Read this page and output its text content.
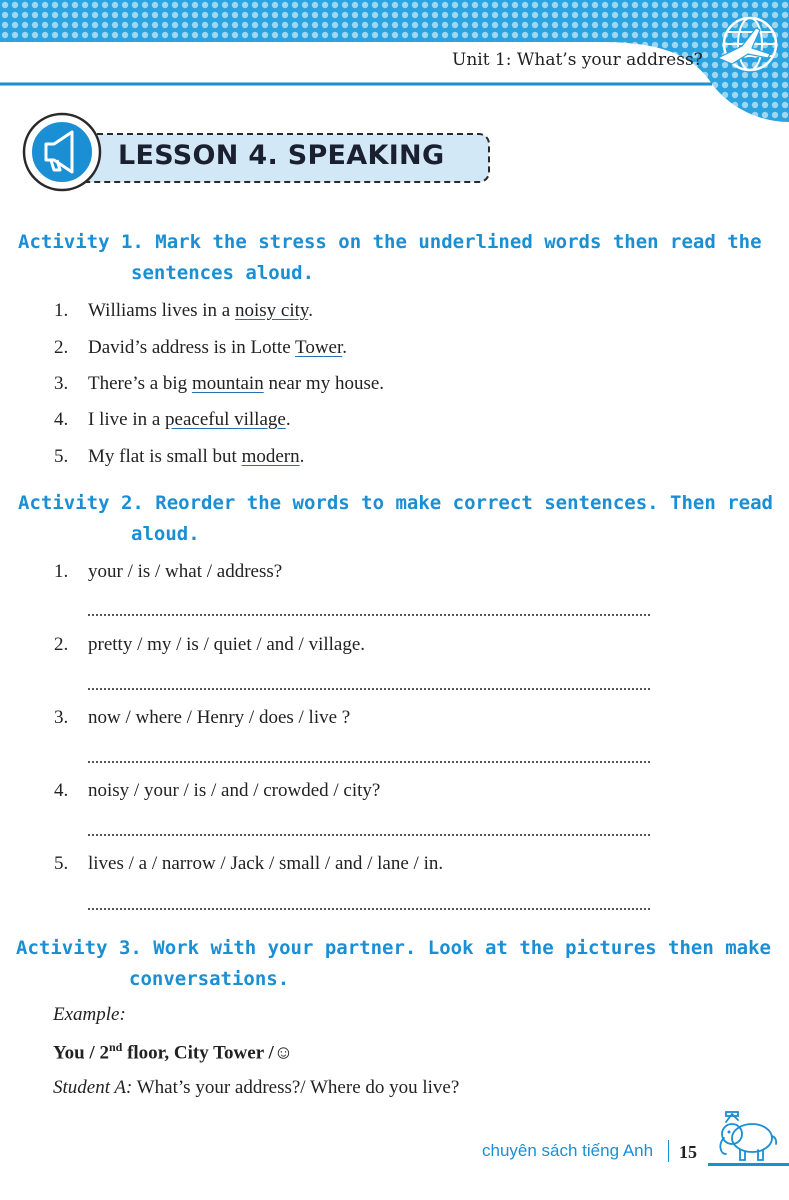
Unit 1: What’s your address?
LESSON 4. SPEAKING
Activity 1. Mark the stress on the underlined words then read the
sentences aloud.
1.	Williams lives in a noisy city.
2.	David’s address is in Lotte Tower.
3.	There’s a big mountain near my house.
4.	I live in a peaceful village.
5.	My flat is small but modern.
Activity 2. Reorder the words to make correct sentences. Then read
aloud.
1.	your / is / what / address?
2.	pretty / my / is / quiet / and / village.
3.	now / where / Henry / does / live ?
4.	noisy / your / is / and / crowded / city?
5.	lives / a / narrow / Jack / small / and / lane / in.
Activity 3. Work with your partner. Look at the pictures then make
conversations.
Example:
You / 2nd floor, City Tower /☺
Student A: What’s your address?/ Where do you live?
chuyên sách tiếng Anh 15
